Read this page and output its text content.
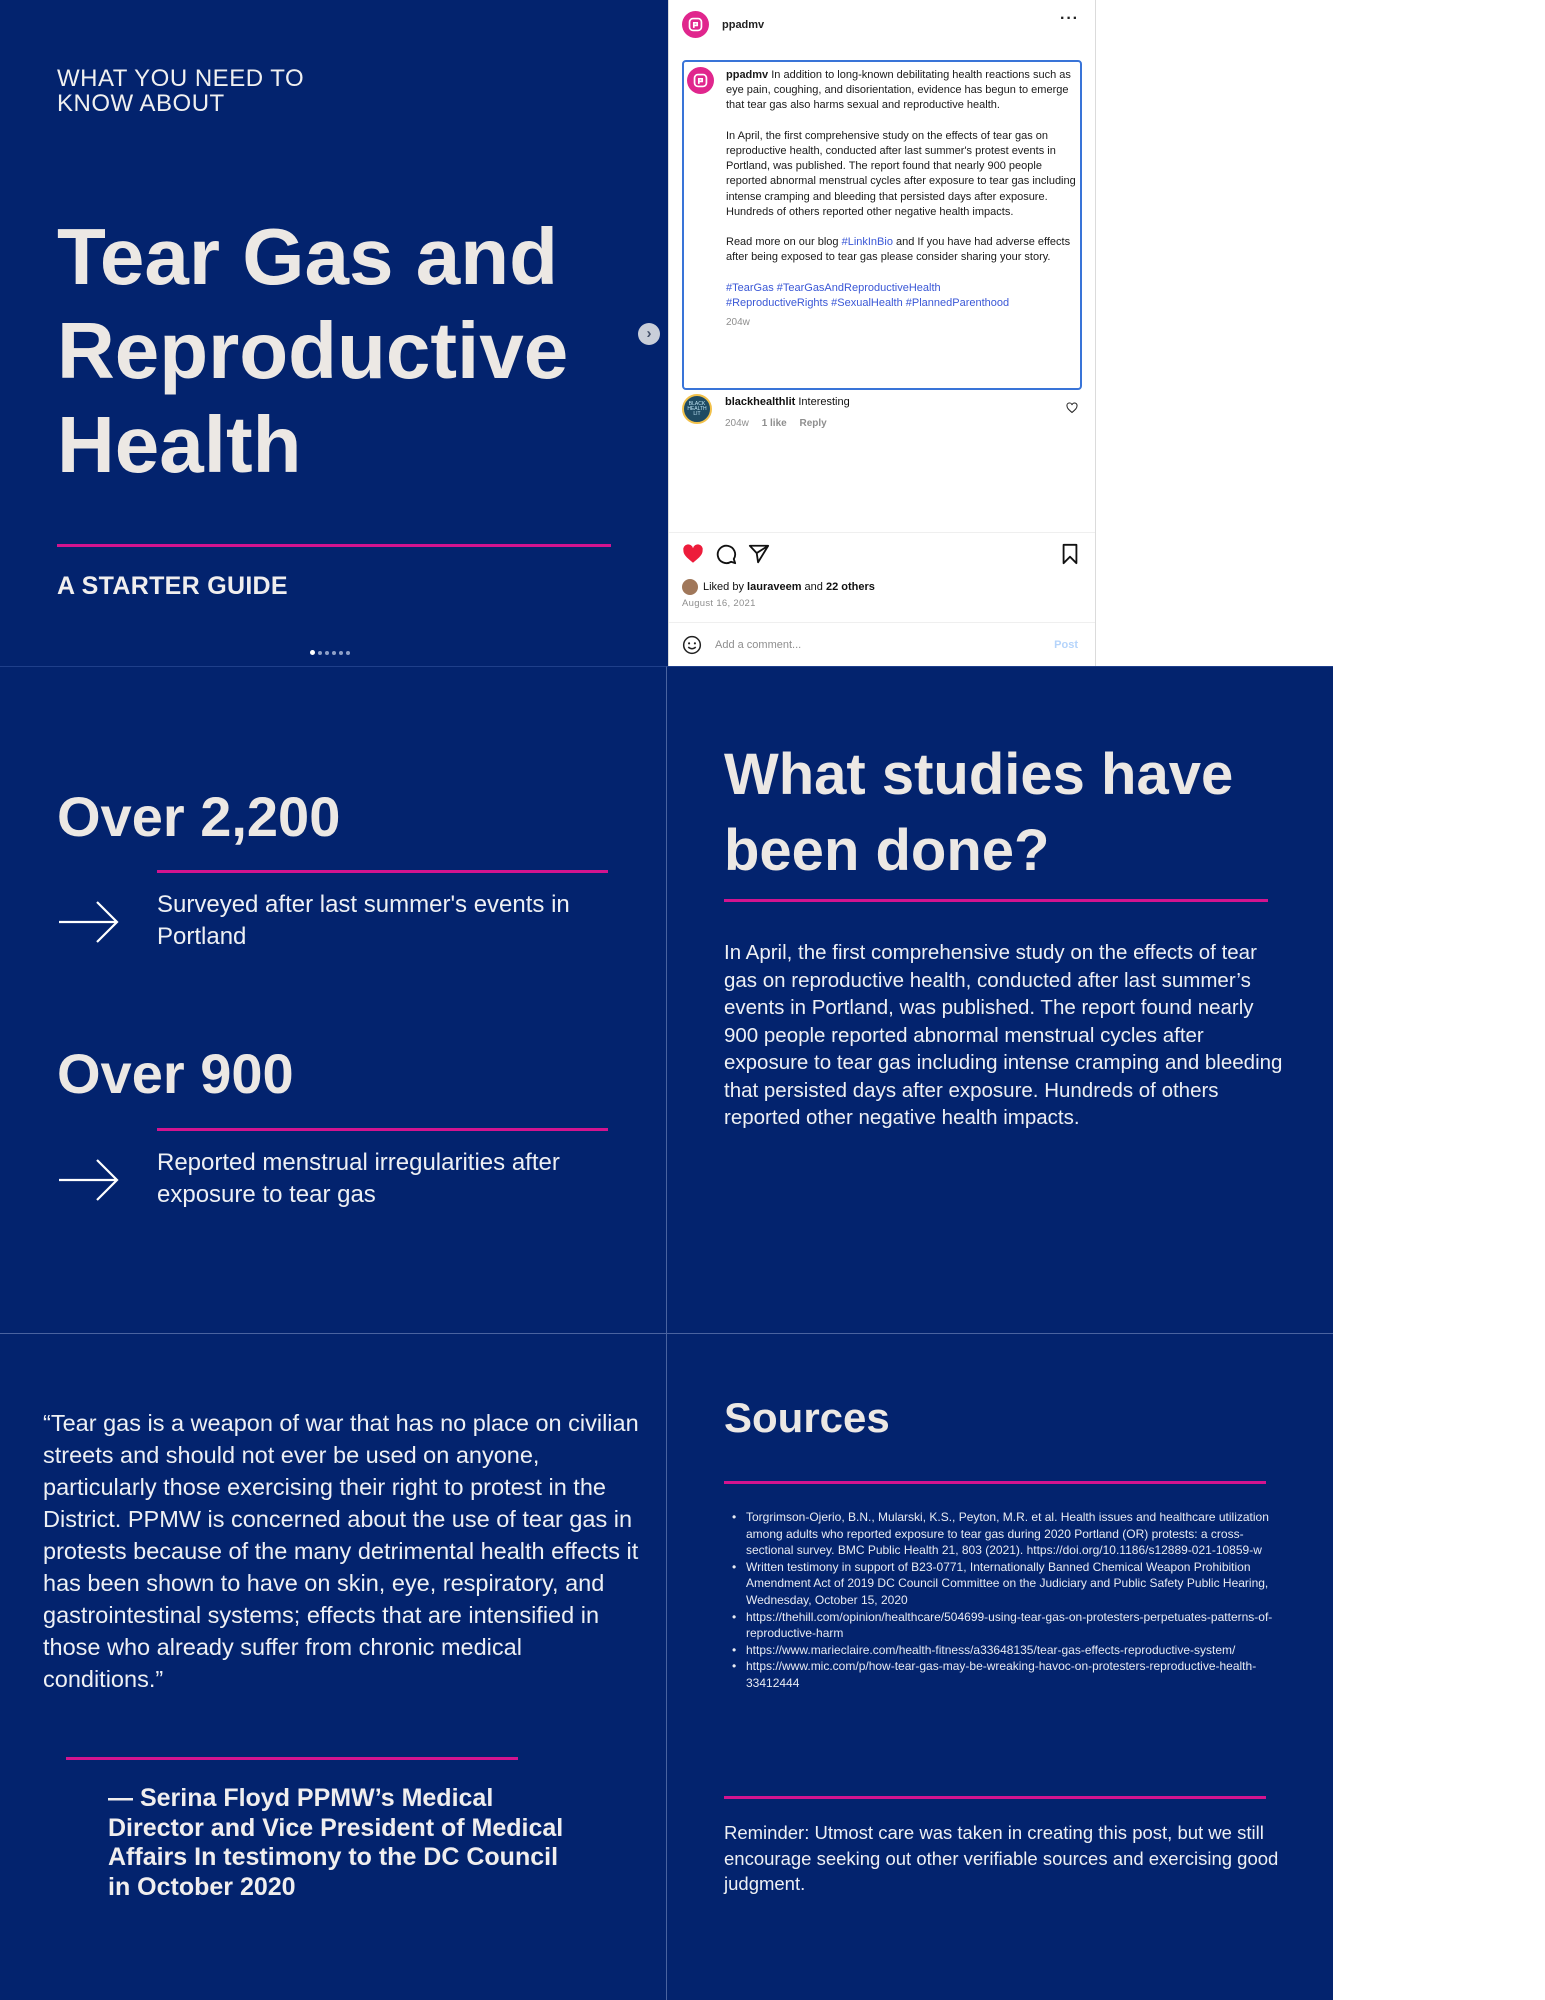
WHAT YOU NEED TO KNOW ABOUT
Tear Gas and Reproductive Health
A STARTER GUIDE
›
ppadmv	···

ppadmv In addition to long-known debilitating health reactions such as eye pain, coughing, and disorientation, evidence has begun to emerge that tear gas also harms sexual and reproductive health.

In April, the first comprehensive study on the effects of tear gas on reproductive health, conducted after last summer's protest events in Portland, was published. The report found that nearly 900 people reported abnormal menstrual cycles after exposure to tear gas including intense cramping and bleeding that persisted days after exposure. Hundreds of others reported other negative health impacts.

Read more on our blog #LinkInBio and If you have had adverse effects after being exposed to tear gas please consider sharing your story.

#TearGas #TearGasAndReproductiveHealth
#ReproductiveRights #SexualHealth #PlannedParenthood
204w
BLACK HEALTH LIT
blackhealthlit Interesting
204w 1 like Reply
Liked by
lauraveem
and
22 others
August 16, 2021
Add a comment...	Post
Over 2,200
Surveyed after last summer's events in Portland
Over 900
Reported menstrual irregularities after exposure to tear gas
What studies have been done?

In April, the first comprehensive study on the effects of tear gas on reproductive health, conducted after last summer’s events in Portland, was published. The report found nearly 900 people reported abnormal menstrual cycles after exposure to tear gas including intense cramping and bleeding that persisted days after exposure. Hundreds of others reported other negative health impacts.

“Tear gas is a weapon of war that has no place on civilian streets and should not ever be used on anyone, particularly those exercising their right to protest in the District. PPMW is concerned about the use of tear gas in protests because of the many detrimental health effects it has been shown to have on skin, eye, respiratory, and gastrointestinal systems; effects that are intensified in those who already suffer from chronic medical conditions.”

— Serina Floyd PPMW’s Medical Director and Vice President of Medical Affairs In testimony to the DC Council in October 2020

Sources
• Torgrimson-Ojerio, B.N., Mularski, K.S., Peyton, M.R. et al. Health issues and healthcare utilization among adults who reported exposure to tear gas during 2020 Portland (OR) protests: a cross-sectional survey. BMC Public Health 21, 803 (2021). https://doi.org/10.1186/s12889-021-10859-w
• Written testimony in support of B23-0771, Internationally Banned Chemical Weapon Prohibition Amendment Act of 2019 DC Council Committee on the Judiciary and Public Safety Public Hearing, Wednesday, October 15, 2020
• https://thehill.com/opinion/healthcare/504699-using-tear-gas-on-protesters-perpetuates-patterns-of-reproductive-harm
• https://www.marieclaire.com/health-fitness/a33648135/tear-gas-effects-reproductive-system/
• https://www.mic.com/p/how-tear-gas-may-be-wreaking-havoc-on-protesters-reproductive-health-33412444

Reminder: Utmost care was taken in creating this post, but we still encourage seeking out other verifiable sources and exercising good judgment.
